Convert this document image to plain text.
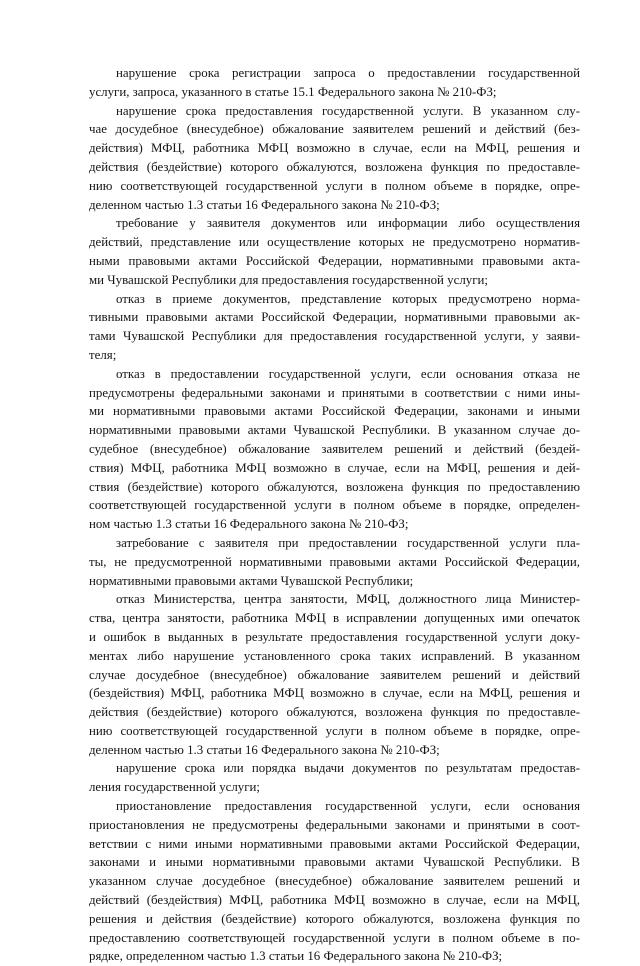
нарушение срока регистрации запроса о предоставлении государственной
услуги, запроса, указанного в статье 15.1 Федерального закона № 210-ФЗ;
нарушение срока предоставления государственной услуги. В указанном слу-
чае досудебное (внесудебное) обжалование заявителем решений и действий (без-
действия) МФЦ, работника МФЦ возможно в случае, если на МФЦ, решения и
действия (бездействие) которого обжалуются, возложена функция по предоставле-
нию соответствующей государственной услуги в полном объеме в порядке, опре-
деленном частью 1.3 статьи 16 Федерального закона № 210-ФЗ;
требование у заявителя документов или информации либо осуществления
действий, представление или осуществление которых не предусмотрено норматив-
ными правовыми актами Российской Федерации, нормативными правовыми акта-
ми Чувашской Республики для предоставления государственной услуги;
отказ в приеме документов, представление которых предусмотрено норма-
тивными правовыми актами Российской Федерации, нормативными правовыми ак-
тами Чувашской Республики для предоставления государственной услуги, у заяви-
теля;
отказ в предоставлении государственной услуги, если основания отказа не
предусмотрены федеральными законами и принятыми в соответствии с ними ины-
ми нормативными правовыми актами Российской Федерации, законами и иными
нормативными правовыми актами Чувашской Республики. В указанном случае до-
судебное (внесудебное) обжалование заявителем решений и действий (бездей-
ствия) МФЦ, работника МФЦ возможно в случае, если на МФЦ, решения и дей-
ствия (бездействие) которого обжалуются, возложена функция по предоставлению
соответствующей государственной услуги в полном объеме в порядке, определен-
ном частью 1.3 статьи 16 Федерального закона № 210-ФЗ;
затребование с заявителя при предоставлении государственной услуги пла-
ты, не предусмотренной нормативными правовыми актами Российской Федерации,
нормативными правовыми актами Чувашской Республики;
отказ Министерства, центра занятости, МФЦ, должностного лица Министер-
ства, центра занятости, работника МФЦ в исправлении допущенных ими опечаток
и ошибок в выданных в результате предоставления государственной услуги доку-
ментах либо нарушение установленного срока таких исправлений. В указанном
случае досудебное (внесудебное) обжалование заявителем решений и действий
(бездействия) МФЦ, работника МФЦ возможно в случае, если на МФЦ, решения и
действия (бездействие) которого обжалуются, возложена функция по предоставле-
нию соответствующей государственной услуги в полном объеме в порядке, опре-
деленном частью 1.3 статьи 16 Федерального закона № 210-ФЗ;
нарушение срока или порядка выдачи документов по результатам предостав-
ления государственной услуги;
приостановление предоставления государственной услуги, если основания
приостановления не предусмотрены федеральными законами и принятыми в соот-
ветствии с ними иными нормативными правовыми актами Российской Федерации,
законами и иными нормативными правовыми актами Чувашской Республики. В
указанном случае досудебное (внесудебное) обжалование заявителем решений и
действий (бездействия) МФЦ, работника МФЦ возможно в случае, если на МФЦ,
решения и действия (бездействие) которого обжалуются, возложена функция по
предоставлению соответствующей государственной услуги в полном объеме в по-
рядке, определенном частью 1.3 статьи 16 Федерального закона № 210-ФЗ;
